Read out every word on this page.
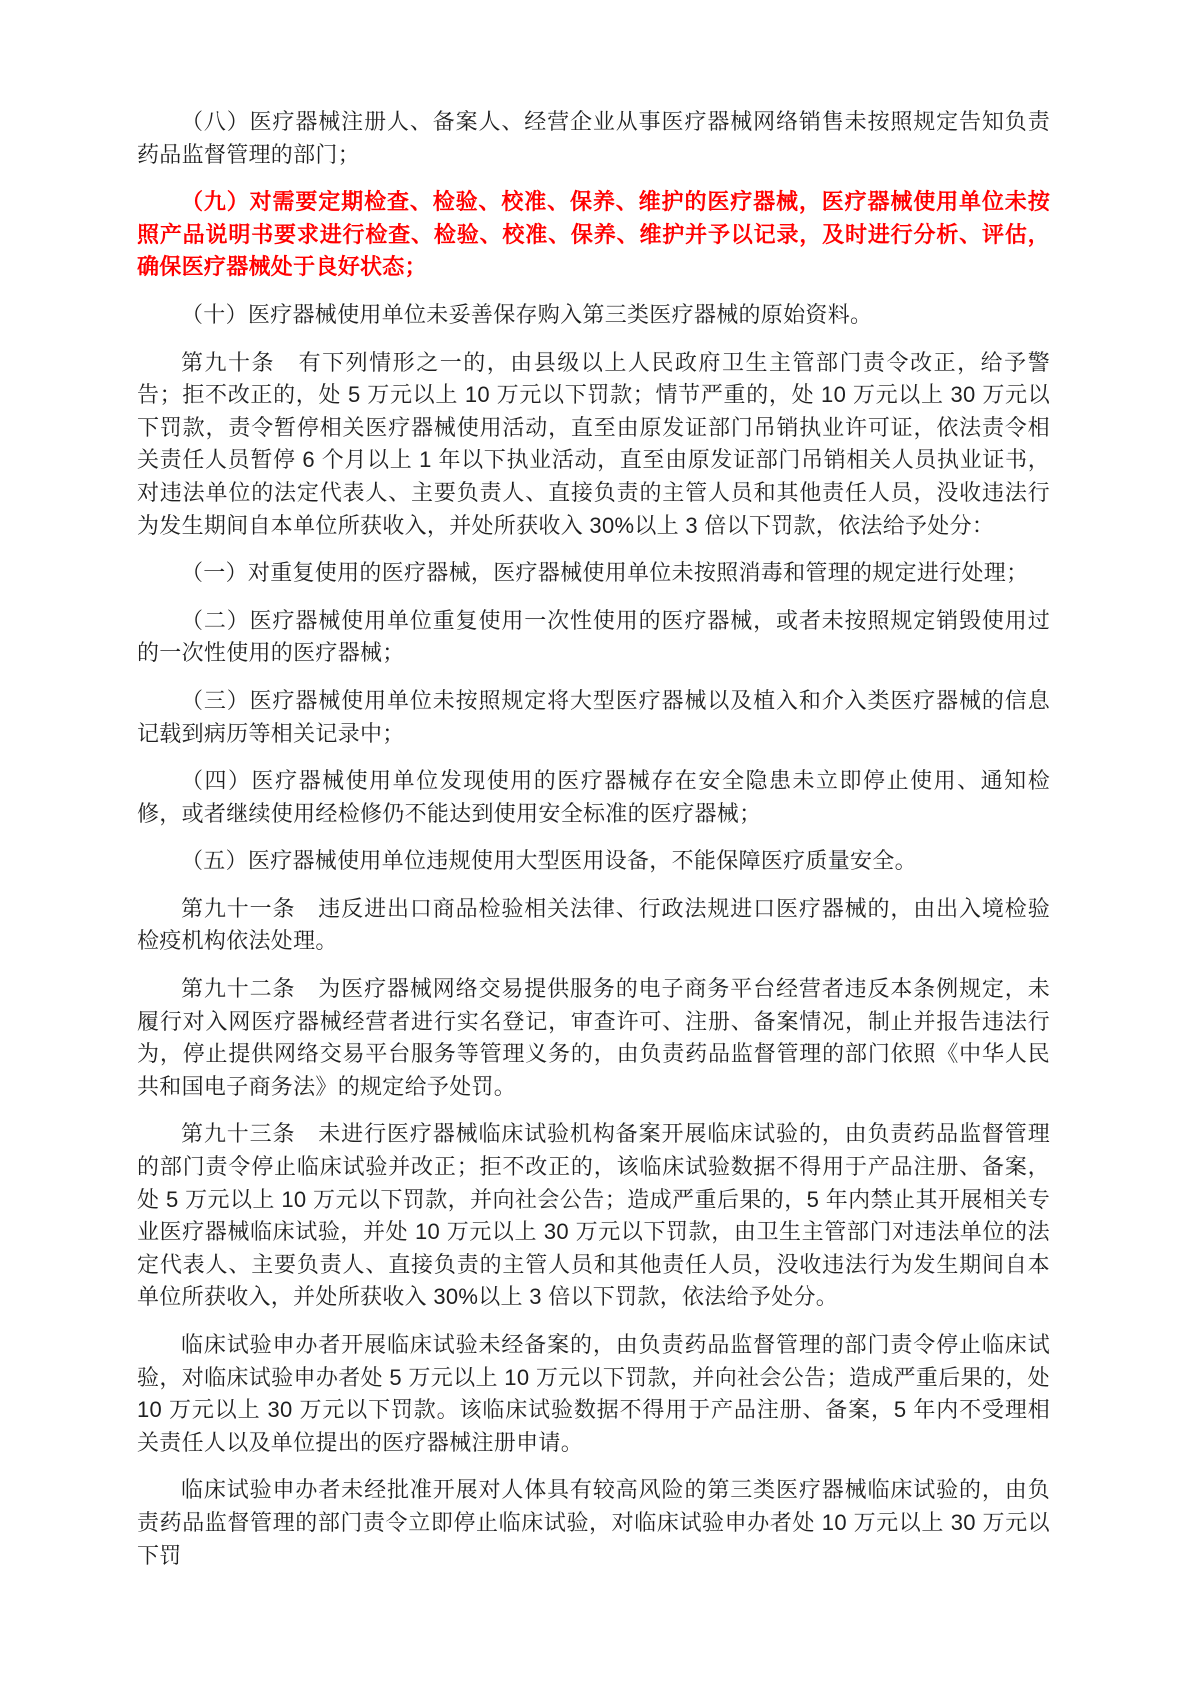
（八）医疗器械注册人、备案人、经营企业从事医疗器械网络销售未按照规定告知负责药品监督管理的部门；

（九）对需要定期检查、检验、校准、保养、维护的医疗器械，医疗器械使用单位未按照产品说明书要求进行检查、检验、校准、保养、维护并予以记录，及时进行分析、评估，确保医疗器械处于良好状态；

（十）医疗器械使用单位未妥善保存购入第三类医疗器械的原始资料。

第九十条　有下列情形之一的，由县级以上人民政府卫生主管部门责令改正，给予警告；拒不改正的，处 5 万元以上 10 万元以下罚款；情节严重的，处 10 万元以上 30 万元以下罚款，责令暂停相关医疗器械使用活动，直至由原发证部门吊销执业许可证，依法责令相关责任人员暂停 6 个月以上 1 年以下执业活动，直至由原发证部门吊销相关人员执业证书，对违法单位的法定代表人、主要负责人、直接负责的主管人员和其他责任人员，没收违法行为发生期间自本单位所获收入，并处所获收入 30%以上 3 倍以下罚款，依法给予处分：

（一）对重复使用的医疗器械，医疗器械使用单位未按照消毒和管理的规定进行处理；

（二）医疗器械使用单位重复使用一次性使用的医疗器械，或者未按照规定销毁使用过的一次性使用的医疗器械；

（三）医疗器械使用单位未按照规定将大型医疗器械以及植入和介入类医疗器械的信息记载到病历等相关记录中；

（四）医疗器械使用单位发现使用的医疗器械存在安全隐患未立即停止使用、通知检修，或者继续使用经检修仍不能达到使用安全标准的医疗器械；

（五）医疗器械使用单位违规使用大型医用设备，不能保障医疗质量安全。

第九十一条　违反进出口商品检验相关法律、行政法规进口医疗器械的，由出入境检验检疫机构依法处理。

第九十二条　为医疗器械网络交易提供服务的电子商务平台经营者违反本条例规定，未履行对入网医疗器械经营者进行实名登记，审查许可、注册、备案情况，制止并报告违法行为，停止提供网络交易平台服务等管理义务的，由负责药品监督管理的部门依照《中华人民共和国电子商务法》的规定给予处罚。

第九十三条　未进行医疗器械临床试验机构备案开展临床试验的，由负责药品监督管理的部门责令停止临床试验并改正；拒不改正的，该临床试验数据不得用于产品注册、备案，处 5 万元以上 10 万元以下罚款，并向社会公告；造成严重后果的，5 年内禁止其开展相关专业医疗器械临床试验，并处 10 万元以上 30 万元以下罚款，由卫生主管部门对违法单位的法定代表人、主要负责人、直接负责的主管人员和其他责任人员，没收违法行为发生期间自本单位所获收入，并处所获收入 30%以上 3 倍以下罚款，依法给予处分。

临床试验申办者开展临床试验未经备案的，由负责药品监督管理的部门责令停止临床试验，对临床试验申办者处 5 万元以上 10 万元以下罚款，并向社会公告；造成严重后果的，处 10 万元以上 30 万元以下罚款。该临床试验数据不得用于产品注册、备案，5 年内不受理相关责任人以及单位提出的医疗器械注册申请。

临床试验申办者未经批准开展对人体具有较高风险的第三类医疗器械临床试验的，由负责药品监督管理的部门责令立即停止临床试验，对临床试验申办者处 10 万元以上 30 万元以下罚
